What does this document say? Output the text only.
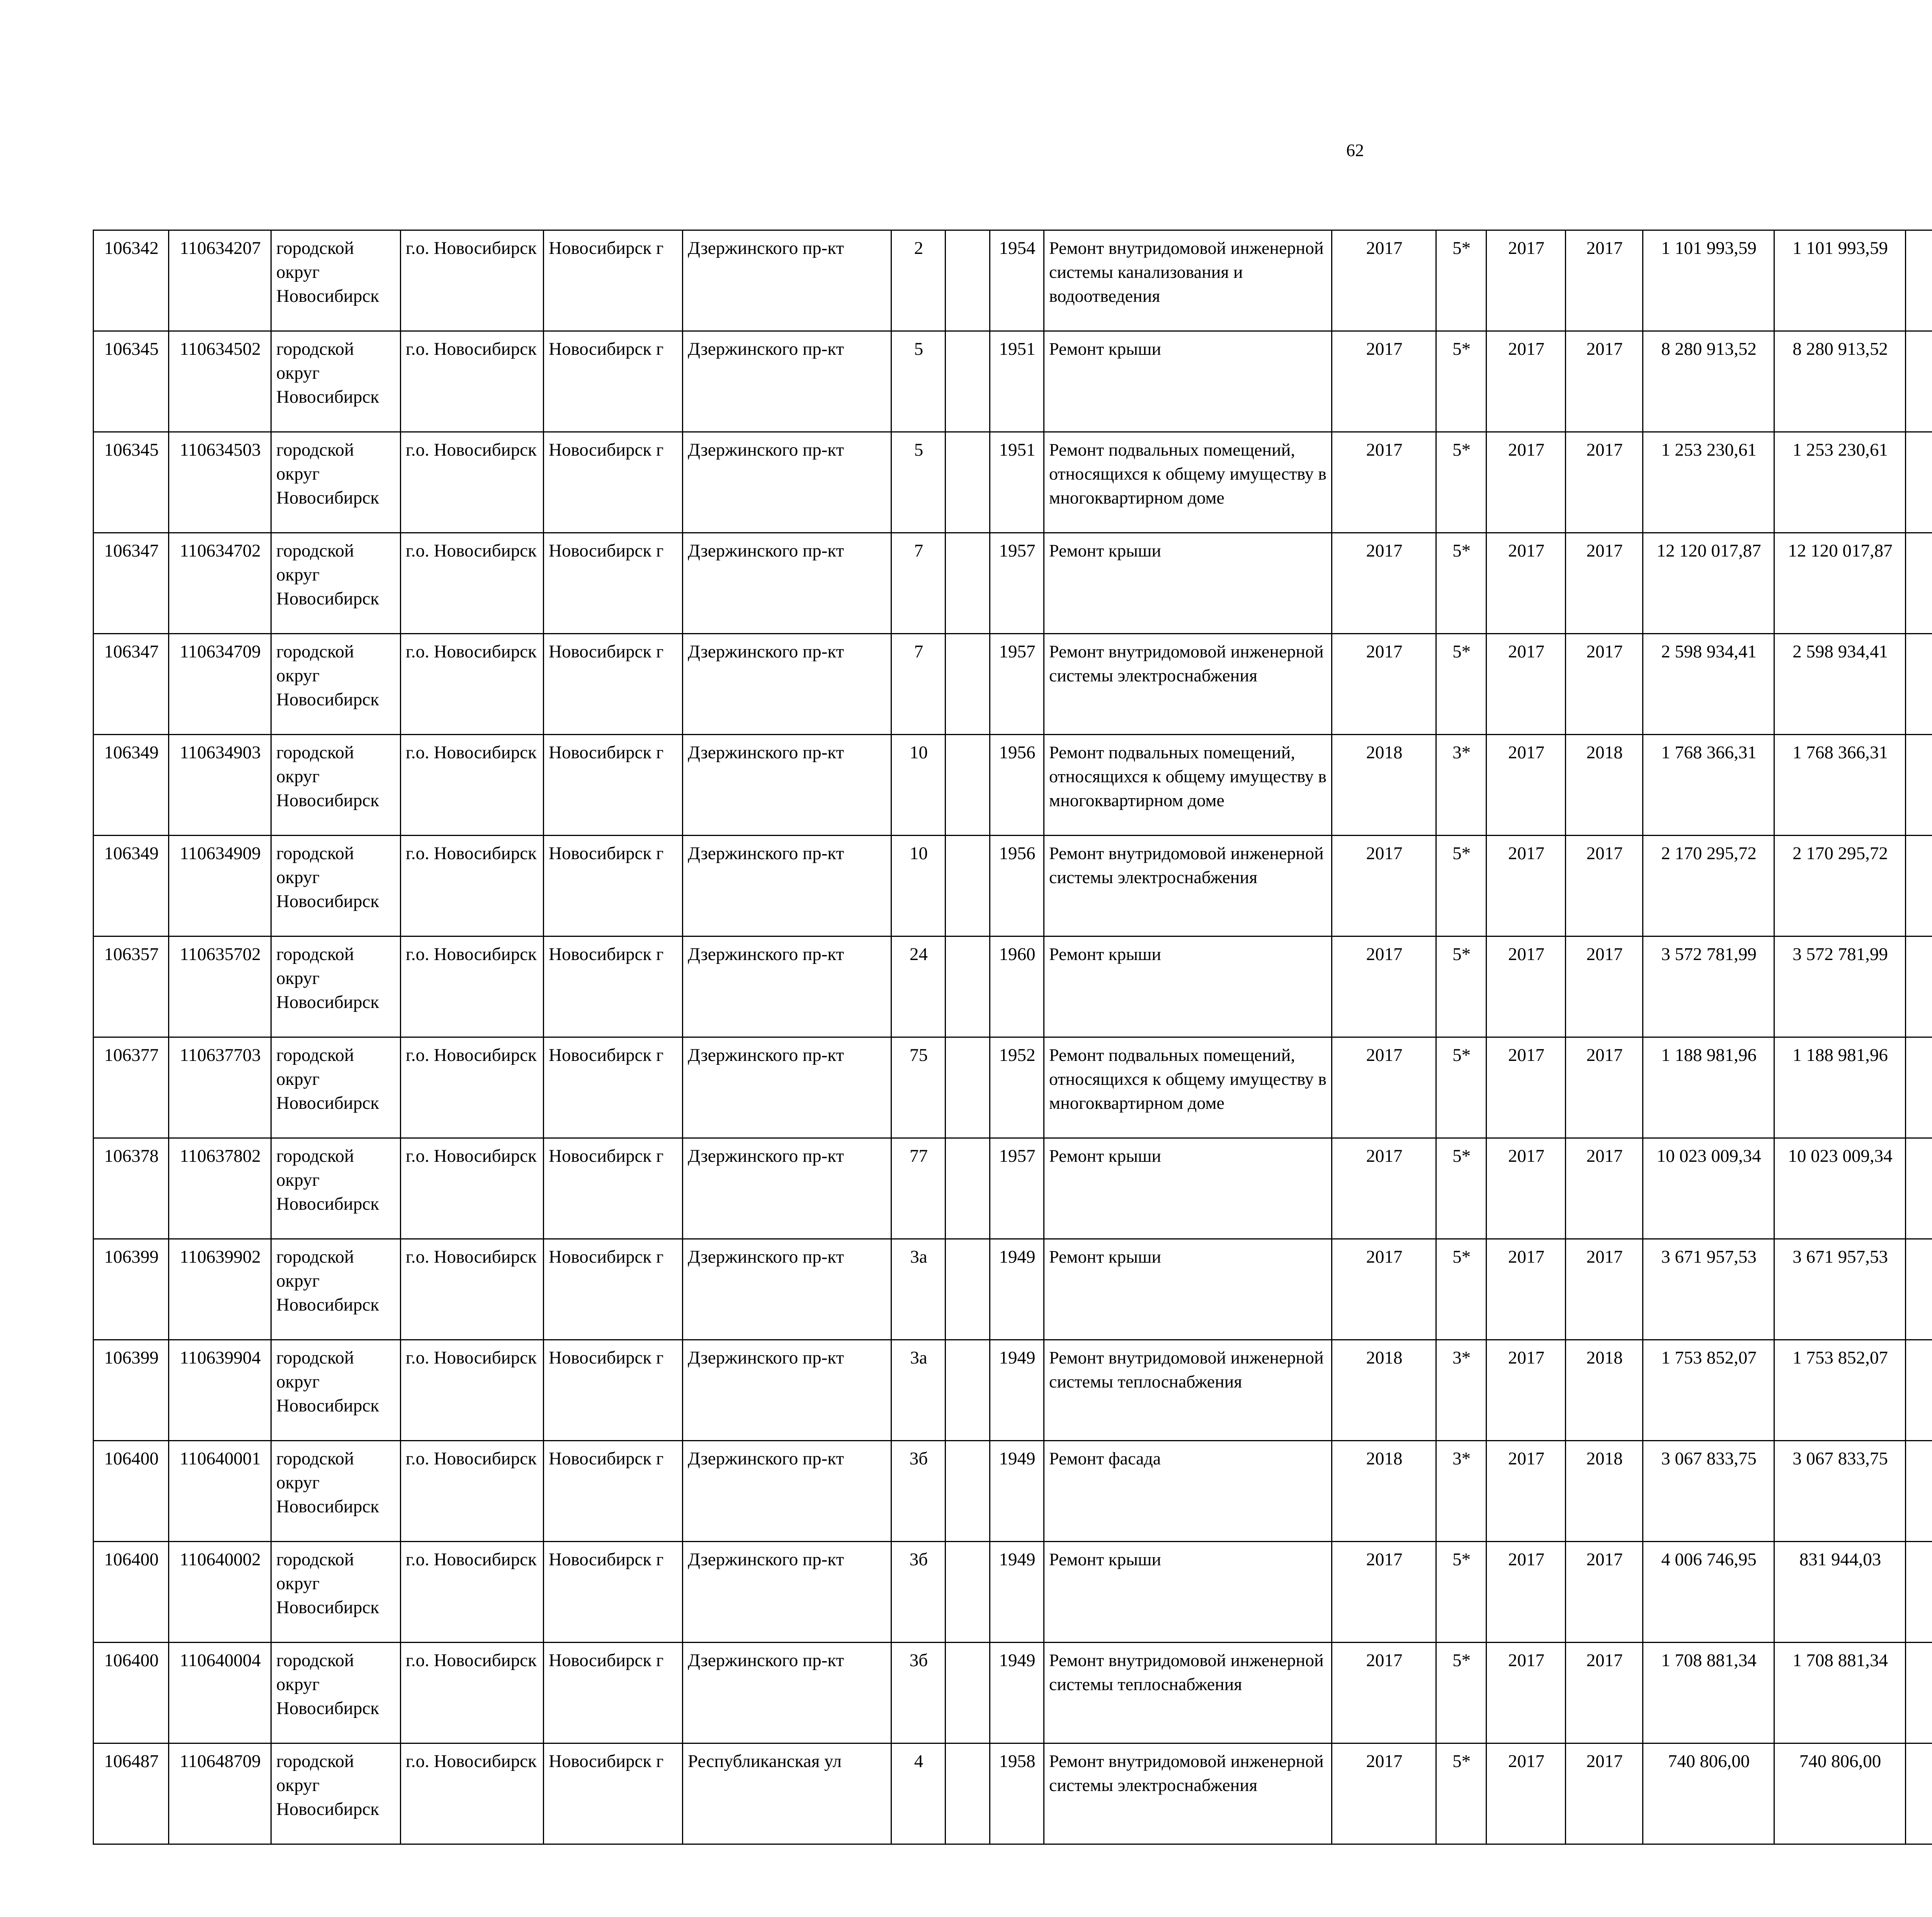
62
106342	110634207	городской округ Новосибирск	г.о. Новосибирск	Новосибирск г	Дзержинского пр-кт	2		1954	Ремонт внутридомовой инженерной системы канализования и водоотведения	2017	5*	2017	2017	1 101 993,59	1 101 993,59						
106345	110634502	городской округ Новосибирск	г.о. Новосибирск	Новосибирск г	Дзержинского пр-кт	5		1951	Ремонт крыши	2017	5*	2017	2017	8 280 913,52	8 280 913,52						
106345	110634503	городской округ Новосибирск	г.о. Новосибирск	Новосибирск г	Дзержинского пр-кт	5		1951	Ремонт подвальных помещений, относящихся к общему имуществу в многоквартирном доме	2017	5*	2017	2017	1 253 230,61	1 253 230,61						
106347	110634702	городской округ Новосибирск	г.о. Новосибирск	Новосибирск г	Дзержинского пр-кт	7		1957	Ремонт крыши	2017	5*	2017	2017	12 120 017,87	12 120 017,87						
106347	110634709	городской округ Новосибирск	г.о. Новосибирск	Новосибирск г	Дзержинского пр-кт	7		1957	Ремонт внутридомовой инженерной системы электроснабжения	2017	5*	2017	2017	2 598 934,41	2 598 934,41						
106349	110634903	городской округ Новосибирск	г.о. Новосибирск	Новосибирск г	Дзержинского пр-кт	10		1956	Ремонт подвальных помещений, относящихся к общему имуществу в многоквартирном доме	2018	3*	2017	2018	1 768 366,31	1 768 366,31						
106349	110634909	городской округ Новосибирск	г.о. Новосибирск	Новосибирск г	Дзержинского пр-кт	10		1956	Ремонт внутридомовой инженерной системы электроснабжения	2017	5*	2017	2017	2 170 295,72	2 170 295,72						
106357	110635702	городской округ Новосибирск	г.о. Новосибирск	Новосибирск г	Дзержинского пр-кт	24		1960	Ремонт крыши	2017	5*	2017	2017	3 572 781,99	3 572 781,99						
106377	110637703	городской округ Новосибирск	г.о. Новосибирск	Новосибирск г	Дзержинского пр-кт	75		1952	Ремонт подвальных помещений, относящихся к общему имуществу в многоквартирном доме	2017	5*	2017	2017	1 188 981,96	1 188 981,96						
106378	110637802	городской округ Новосибирск	г.о. Новосибирск	Новосибирск г	Дзержинского пр-кт	77		1957	Ремонт крыши	2017	5*	2017	2017	10 023 009,34	10 023 009,34						
106399	110639902	городской округ Новосибирск	г.о. Новосибирск	Новосибирск г	Дзержинского пр-кт	3а		1949	Ремонт крыши	2017	5*	2017	2017	3 671 957,53	3 671 957,53						
106399	110639904	городской округ Новосибирск	г.о. Новосибирск	Новосибирск г	Дзержинского пр-кт	3а		1949	Ремонт внутридомовой инженерной системы теплоснабжения	2018	3*	2017	2018	1 753 852,07	1 753 852,07						
106400	110640001	городской округ Новосибирск	г.о. Новосибирск	Новосибирск г	Дзержинского пр-кт	3б		1949	Ремонт фасада	2018	3*	2017	2018	3 067 833,75	3 067 833,75						
106400	110640002	городской округ Новосибирск	г.о. Новосибирск	Новосибирск г	Дзержинского пр-кт	3б		1949	Ремонт крыши	2017	5*	2017	2017	4 006 746,95	831 944,03						
106400	110640004	городской округ Новосибирск	г.о. Новосибирск	Новосибирск г	Дзержинского пр-кт	3б		1949	Ремонт внутридомовой инженерной системы теплоснабжения	2017	5*	2017	2017	1 708 881,34	1 708 881,34						
106487	110648709	городской округ Новосибирск	г.о. Новосибирск	Новосибирск г	Республиканская ул	4		1958	Ремонт внутридомовой инженерной системы электроснабжения	2017	5*	2017	2017	740 806,00	740 806,00						
